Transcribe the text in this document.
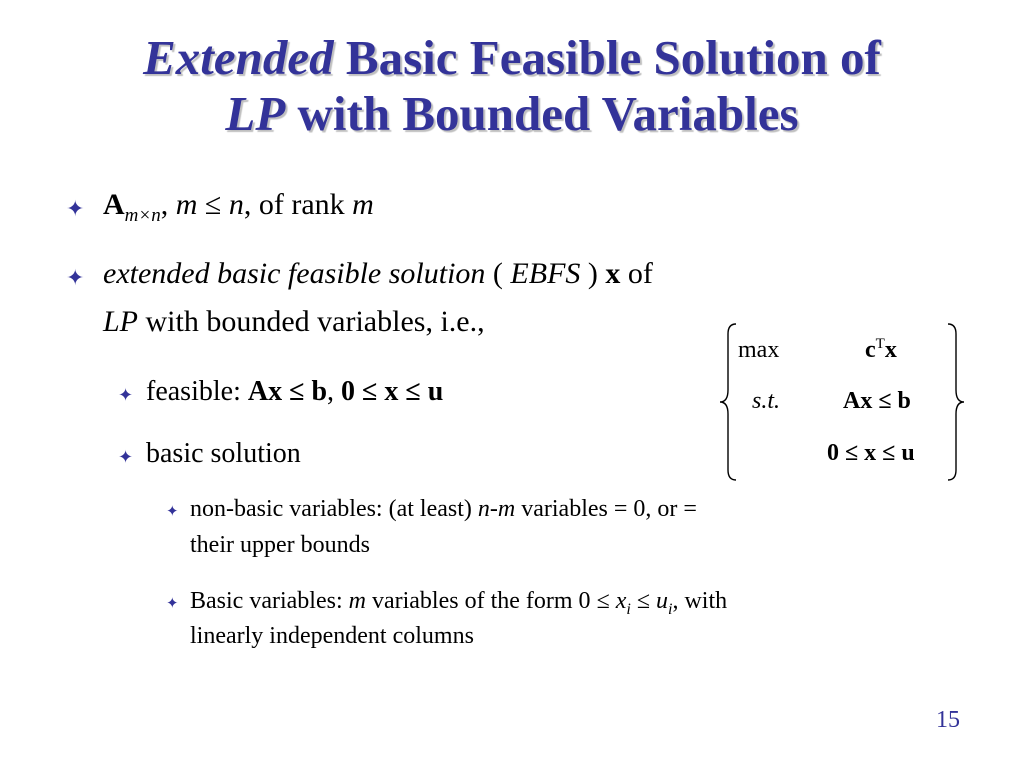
Extended Basic Feasible Solution of
LP with Bounded Variables
✦ $A_{m\times n}$, m ≤ n, of rank m
✦ extended basic feasible solution ( EBFS ) x of
LP with bounded variables, i.e.,
✦ feasible: Ax ≤ b, 0 ≤ x ≤ u
✦ basic solution
✦ non-basic variables: (at least) n-m variables = 0, or =
their upper bounds
✦ Basic variables: m variables of the form $0 \le x_i \le u_i$, with
linearly independent columns
max	$c^Tx$
s.t.	Ax ≤ b
0 ≤ x ≤ u
15
